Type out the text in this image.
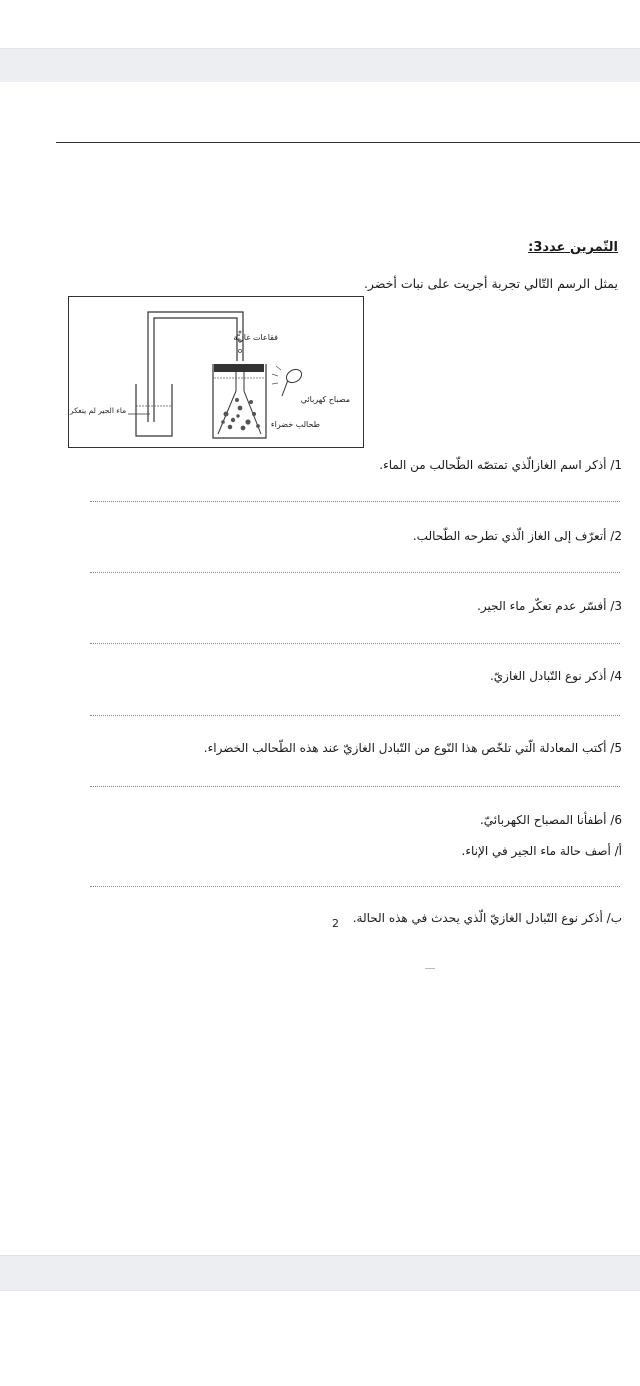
التّمرين عدد3:
يمثل الرسم التّالي تجربة أجريت على نبات أخضر.
فقاعات غازيّة
مصباح كهربائي
طحالب خضراء
ماء الجير لم يتعكر
1/ أذكر اسم الغازالّذي تمتصّه الطّحالب من الماء.
2/ أتعرّف إلى الغاز الّذي تطرحه الطّحالب.
3/ أفسّر عدم تعكّر ماء الجير.
4/ أذكر نوع التّبادل الغازيّ.
5/ أكتب المعادلة الّتي تلخّص هذا النّوع من التّبادل الغازيّ عند هذه الطّحالب الخضراء.
6/ أطفأنا المصباح الكهربائيّ.
أ/ أصف حالة ماء الجير في الإناء.
ب/ أذكر نوع التّبادل الغازيّ الّذي يحدث في هذه الحالة.
2
